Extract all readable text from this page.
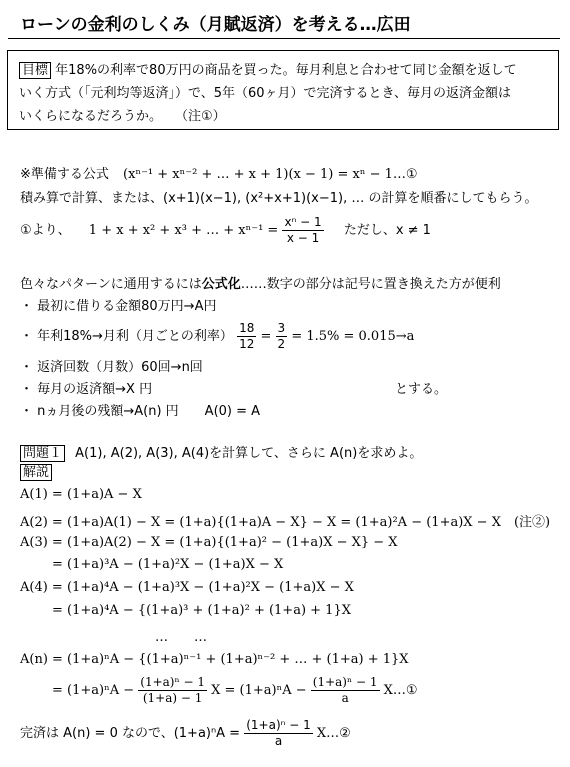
ローンの金利のしくみ（月賦返済）を考える…広田
目標 年18%の利率で80万円の商品を買った。毎月利息と合わせて同じ金額を返して
いく方式（「元利均等返済」）で、5年（60ヶ月）で完済するとき、毎月の返済金額は
いくらになるだろうか。　　（注①）
※準備する公式 (xⁿ⁻¹ + xⁿ⁻² + … + x + 1)(x − 1) = xⁿ − 1…①
積み算で計算、または、(x+1)(x−1), (x²+x+1)(x−1), … の計算を順番にしてもらう。
①より、 1 + x + x² + x³ + … + $x^{n-1} = \frac{\text{xⁿ − 1}}{x - 1}$ ただし、x ≠ 1
色々なパターンに通用するには公式化……数字の部分は記号に置き換えた方が便利
・ 最初に借りる金額80万円→A円
・ 年利18%→月利（月ごとの利率） $\frac{18}{12} = \frac{3}{2} = 1.5\% = 0.015\to a$
・ 返済回数（月数）60回→n回
・ 毎月の返済額→X 円	とする。
・ nヵ月後の残額→A(n) 円　　A(0) = A
問題１ A(1), A(2), A(3), A(4)を計算して、さらに A(n)を求めよ。
解説
A(1) = (1+a)A − X
A(2) = (1+a)A(1) − X = (1+a){(1+a)A − X} − X = (1+a)²A − (1+a)X − X　(注②)
A(3) = (1+a)A(2) − X = (1+a){(1+a)² − (1+a)X − X} − X
= (1+a)³A − (1+a)²X − (1+a)X − X
A(4) = (1+a)⁴A − (1+a)³X − (1+a)²X − (1+a)X − X
= (1+a)⁴A − {(1+a)³ + (1+a)² + (1+a) + 1}X
…　　…
A(n) = (1+a)ⁿA − {(1+a)ⁿ⁻¹ + (1+a)ⁿ⁻² + … + (1+a) + 1}X
= $(1+a)^nA - \frac{\text{(1+a)ⁿ − 1}}{(1+a) - 1}$ $X = (1+a)^nA - \frac{\text{(1+a)ⁿ − 1}}{a}$ X…①
完済は A(n) = 0 なので、$(1+a)^nA = \frac{\text{(1+a)ⁿ − 1}}{a}$ X…②
